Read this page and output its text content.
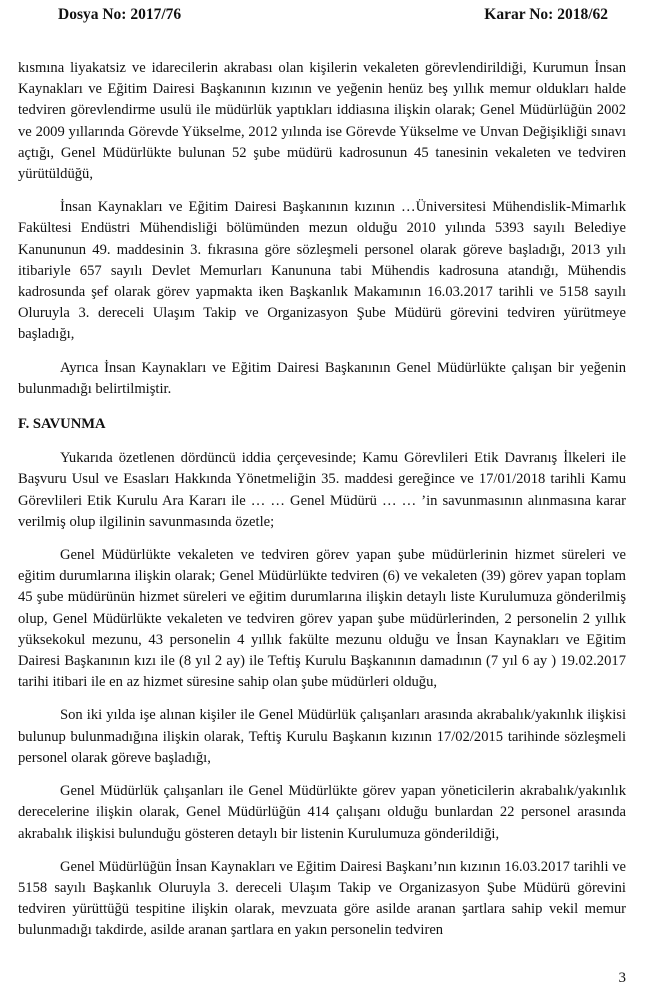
Dosya No: 2017/76	Karar No: 2018/62

kısmına liyakatsiz ve idarecilerin akrabası olan kişilerin vekaleten görevlendirildiği, Kurumun İnsan Kaynakları ve Eğitim Dairesi Başkanının kızının ve yeğenin henüz beş yıllık memur oldukları halde tedviren görevlendirme usulü ile müdürlük yaptıkları iddiasına ilişkin olarak; Genel Müdürlüğün 2002 ve 2009 yıllarında Görevde Yükselme, 2012 yılında ise Görevde Yükselme ve Unvan Değişikliği sınavı açtığı, Genel Müdürlükte bulunan 52 şube müdürü kadrosunun 45 tanesinin vekaleten ve tedviren yürütüldüğü,

İnsan Kaynakları ve Eğitim Dairesi Başkanının kızının …Üniversitesi Mühendislik-Mimarlık Fakültesi Endüstri Mühendisliği bölümünden mezun olduğu 2010 yılında 5393 sayılı Belediye Kanununun 49. maddesinin 3. fıkrasına göre sözleşmeli personel olarak göreve başladığı, 2013 yılı itibariyle 657 sayılı Devlet Memurları Kanununa tabi Mühendis kadrosuna atandığı, Mühendis kadrosunda şef olarak görev yapmakta iken Başkanlık Makamının 16.03.2017 tarihli ve 5158 sayılı Oluruyla 3. dereceli Ulaşım Takip ve Organizasyon Şube Müdürü görevini tedviren yürütmeye başladığı,

Ayrıca İnsan Kaynakları ve Eğitim Dairesi Başkanının Genel Müdürlükte çalışan bir yeğenin bulunmadığı belirtilmiştir.

F. SAVUNMA

Yukarıda özetlenen dördüncü iddia çerçevesinde; Kamu Görevlileri Etik Davranış İlkeleri ile Başvuru Usul ve Esasları Hakkında Yönetmeliğin 35. maddesi gereğince ve 17/01/2018 tarihli Kamu Görevlileri Etik Kurulu Ara Kararı ile … … Genel Müdürü … … ’in savunmasının alınmasına karar verilmiş olup ilgilinin savunmasında özetle;

Genel Müdürlükte vekaleten ve tedviren görev yapan şube müdürlerinin hizmet süreleri ve eğitim durumlarına ilişkin olarak; Genel Müdürlükte tedviren (6) ve vekaleten (39) görev yapan toplam 45 şube müdürünün hizmet süreleri ve eğitim durumlarına ilişkin detaylı liste Kurulumuza gönderilmiş olup, Genel Müdürlükte vekaleten ve tedviren görev yapan şube müdürlerinden, 2 personelin 2 yıllık yüksekokul mezunu, 43 personelin 4 yıllık fakülte mezunu olduğu ve İnsan Kaynakları ve Eğitim Dairesi Başkanının kızı ile (8 yıl 2 ay) ile Teftiş Kurulu Başkanının damadının (7 yıl 6 ay ) 19.02.2017 tarihi itibari ile en az hizmet süresine sahip olan şube müdürleri olduğu,

Son iki yılda işe alınan kişiler ile Genel Müdürlük çalışanları arasında akrabalık/yakınlık ilişkisi bulunup bulunmadığına ilişkin olarak, Teftiş Kurulu Başkanın kızının 17/02/2015 tarihinde sözleşmeli personel olarak göreve başladığı,

Genel Müdürlük çalışanları ile Genel Müdürlükte görev yapan yöneticilerin akrabalık/yakınlık derecelerine ilişkin olarak, Genel Müdürlüğün 414 çalışanı olduğu bunlardan 22 personel arasında akrabalık ilişkisi bulunduğu gösteren detaylı bir listenin Kurulumuza gönderildiği,

Genel Müdürlüğün İnsan Kaynakları ve Eğitim Dairesi Başkanı’nın kızının 16.03.2017 tarihli ve 5158 sayılı Başkanlık Oluruyla 3. dereceli Ulaşım Takip ve Organizasyon Şube Müdürü görevini tedviren yürüttüğü tespitine ilişkin olarak, mevzuata göre asilde aranan şartlara sahip vekil memur bulunmadığı takdirde, asilde aranan şartlara en yakın personelin tedviren

3
